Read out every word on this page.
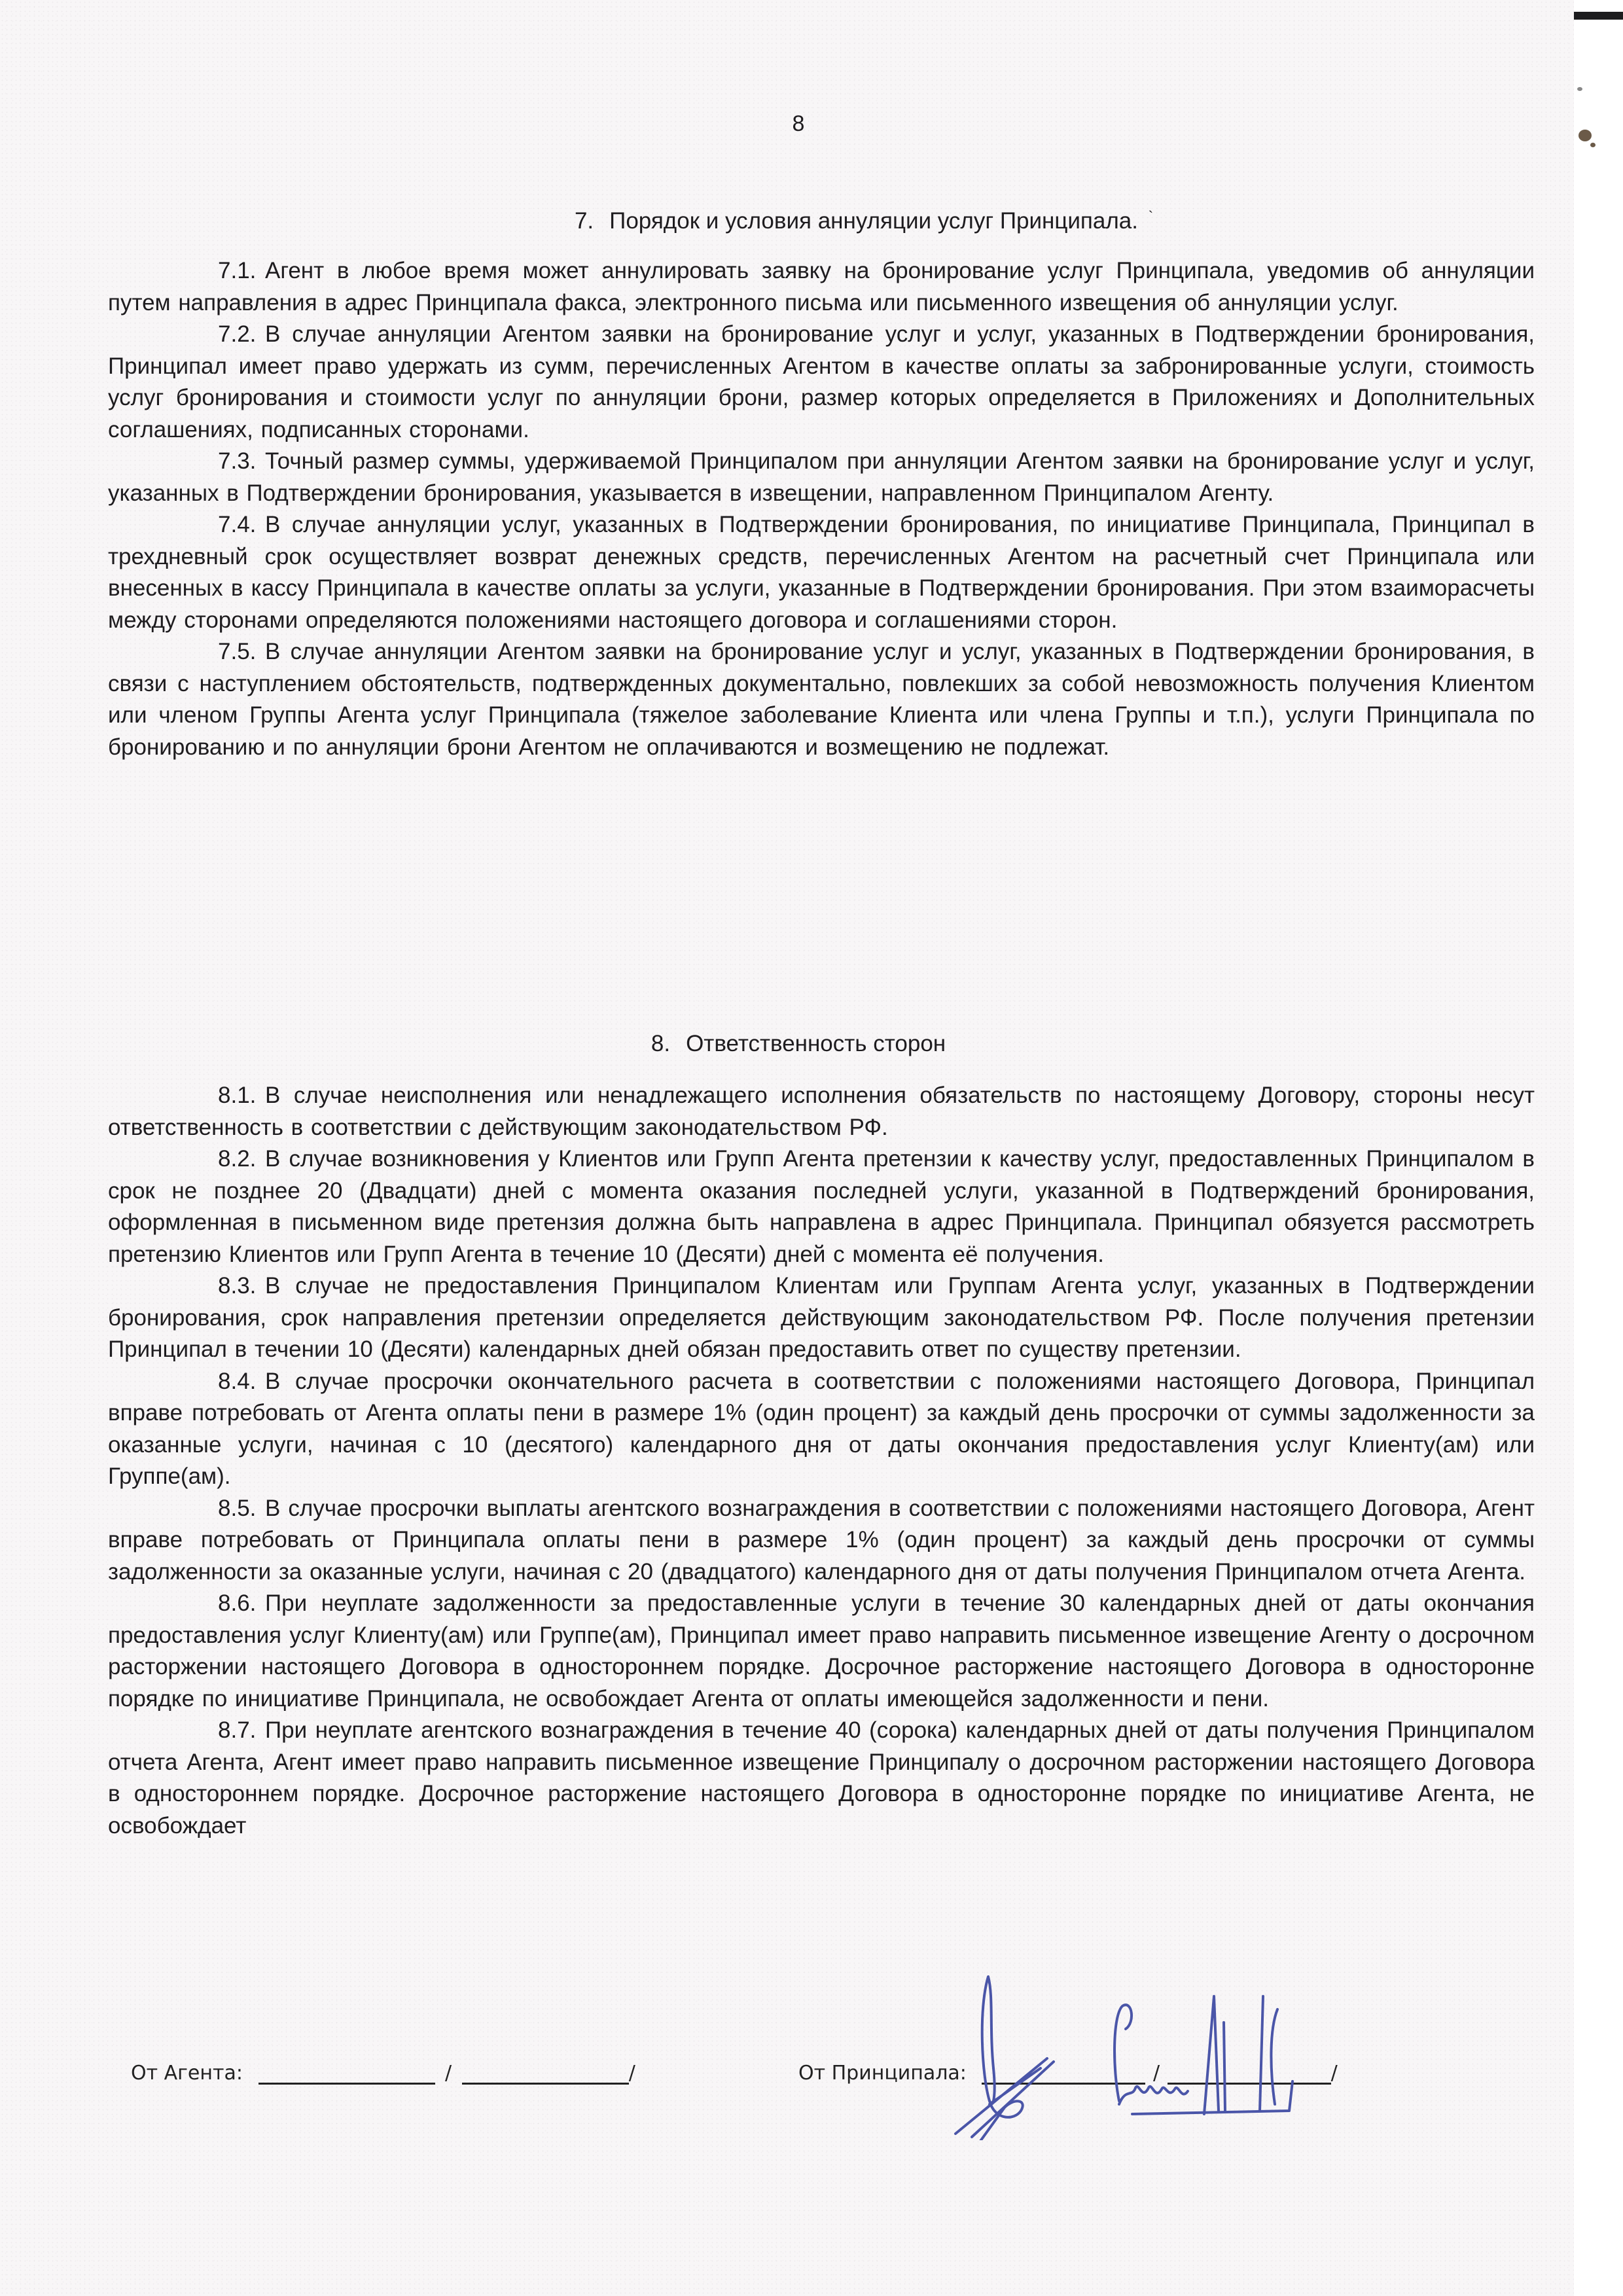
8
7. Порядок и условия аннуляции услуг Принципала. `

7.1. Агент в любое время может аннулировать заявку на бронирование услуг Принципала, уведомив об аннуляции путем направления в адрес Принципала факса, электронного письма или письменного извещения об аннуляции услуг.

7.2. В случае аннуляции Агентом заявки на бронирование услуг и услуг, указанных в Подтверждении бронирования, Принципал имеет право удержать из сумм, перечисленных Агентом в качестве оплаты за забронированные услуги, стоимость услуг бронирования и стоимости услуг по аннуляции брони, размер которых определяется в Приложениях и Дополнительных соглашениях, подписанных сторонами.

7.3. Точный размер суммы, удерживаемой Принципалом при аннуляции Агентом заявки на бронирование услуг и услуг, указанных в Подтверждении бронирования, указывается в извещении, направленном Принципалом Агенту.

7.4. В случае аннуляции услуг, указанных в Подтверждении бронирования, по инициативе Принципала, Принципал в трехдневный срок осуществляет возврат денежных средств, перечисленных Агентом на расчетный счет Принципала или внесенных в кассу Принципала в качестве оплаты за услуги, указанные в Подтверждении бронирования. При этом взаиморасчеты между сторонами определяются положениями настоящего договора и соглашениями сторон.

7.5. В случае аннуляции Агентом заявки на бронирование услуг и услуг, указанных в Подтверждении бронирования, в связи с наступлением обстоятельств, подтвержденных документально, повлекших за собой невозможность получения Клиентом или членом Группы Агента услуг Принципала (тяжелое заболевание Клиента или члена Группы и т.п.), услуги Принципала по бронированию и по аннуляции брони Агентом не оплачиваются и возмещению не подлежат.

8. Ответственность сторон

8.1. В случае неисполнения или ненадлежащего исполнения обязательств по настоящему Договору, стороны несут ответственность в соответствии с действующим законодательством РФ.

8.2. В случае возникновения у Клиентов или Групп Агента претензии к качеству услуг, предоставленных Принципалом в срок не позднее 20 (Двадцати) дней с момента оказания последней услуги, указанной в Подтверждений бронирования, оформленная в письменном виде претензия должна быть направлена в адрес Принципала. Принципал обязуется рассмотреть претензию Клиентов или Групп Агента в течение 10 (Десяти) дней с момента её получения.

8.3. В случае не предоставления Принципалом Клиентам или Группам Агента услуг, указанных в Подтверждении бронирования, срок направления претензии определяется действующим законодательством РФ. После получения претензии Принципал в течении 10 (Десяти) календарных дней обязан предоставить ответ по существу претензии.

8.4. В случае просрочки окончательного расчета в соответствии с положениями настоящего Договора, Принципал вправе потребовать от Агента оплаты пени в размере 1% (один процент) за каждый день просрочки от суммы задолженности за оказанные услуги, начиная с 10 (десятого) календарного дня от даты окончания предоставления услуг Клиенту(ам) или Группе(ам).

8.5. В случае просрочки выплаты агентского вознаграждения в соответствии с положениями настоящего Договора, Агент вправе потребовать от Принципала оплаты пени в размере 1% (один процент) за каждый день просрочки от суммы задолженности за оказанные услуги, начиная с 20 (двадцатого) календарного дня от даты получения Принципалом отчета Агента.

8.6. При неуплате задолженности за предоставленные услуги в течение 30 календарных дней от даты окончания предоставления услуг Клиенту(ам) или Группе(ам), Принципал имеет право направить письменное извещение Агенту о досрочном расторжении настоящего Договора в одностороннем порядке. Досрочное расторжение настоящего Договора в односторонне порядке по инициативе Принципала, не освобождает Агента от оплаты имеющейся задолженности и пени.

8.7. При неуплате агентского вознаграждения в течение 40 (сорока) календарных дней от даты получения Принципалом отчета Агента, Агент имеет право направить письменное извещение Принципалу о досрочном расторжении настоящего Договора в одностороннем порядке. Досрочное расторжение настоящего Договора в односторонне порядке по инициативе Агента, не освобождает

От Агента:	/	/	От Принципала:	/	/
